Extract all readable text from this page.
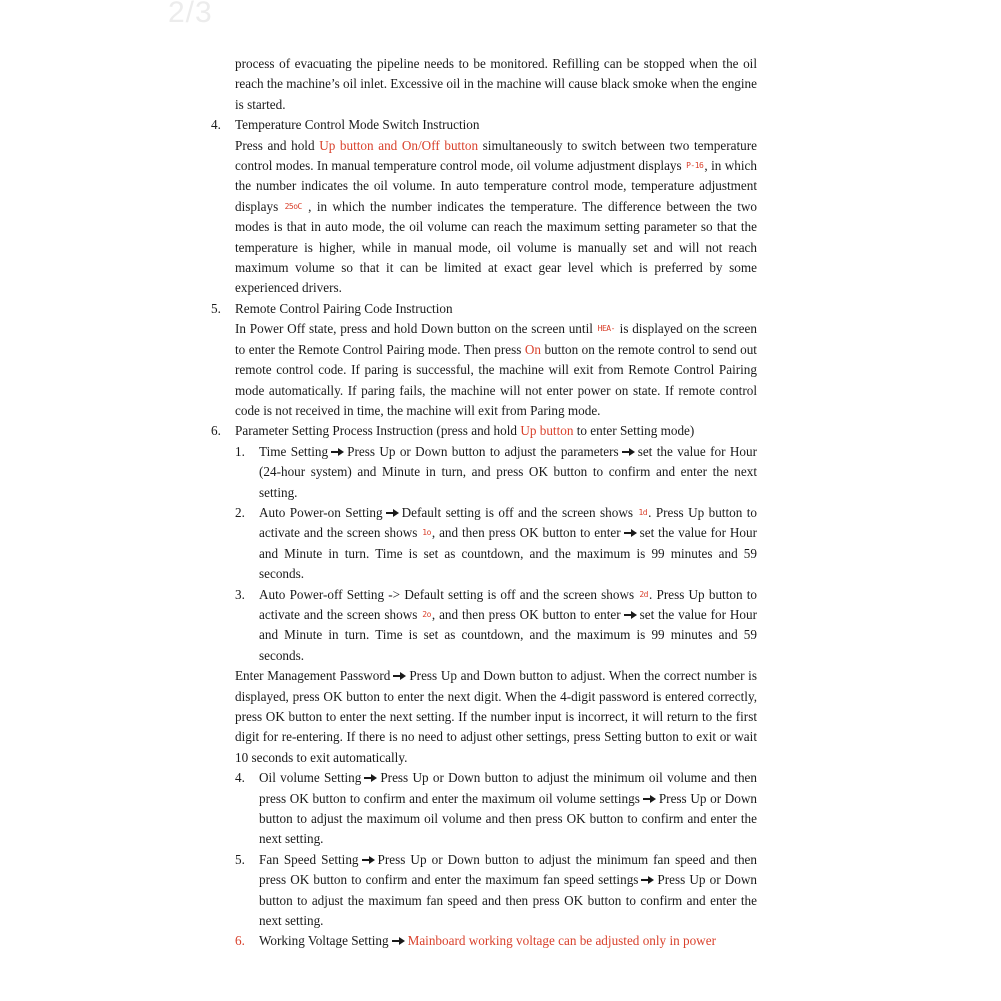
2/3

process of evacuating the pipeline needs to be monitored. Refilling can be stopped when the oil reach the machine’s oil inlet. Excessive oil in the machine will cause black smoke when the engine is started.

4. Temperature Control Mode Switch Instruction

Press and hold Up button and On/Off button simultaneously to switch between two temperature control modes. In manual temperature control mode, oil volume adjustment displays P-16, in which the number indicates the oil volume. In auto temperature control mode, temperature adjustment displays 25oC , in which the number indicates the temperature. The difference between the two modes is that in auto mode, the oil volume can reach the maximum setting parameter so that the temperature is higher, while in manual mode, oil volume is manually set and will not reach maximum volume so that it can be limited at exact gear level which is preferred by some experienced drivers.

5. Remote Control Pairing Code Instruction

In Power Off state, press and hold Down button on the screen until HEA- is displayed on the screen to enter the Remote Control Pairing mode. Then press On button on the remote control to send out remote control code. If paring is successful, the machine will exit from Remote Control Pairing mode automatically. If paring fails, the machine will not enter power on state. If remote control code is not received in time, the machine will exit from Paring mode.

6. Parameter Setting Process Instruction (press and hold Up button to enter Setting mode)

1. Time Setting Press Up or Down button to adjust the parameters set the value for Hour (24-hour system) and Minute in turn, and press OK button to confirm and enter the next setting.

2. Auto Power-on Setting Default setting is off and the screen shows 1d. Press Up button to activate and the screen shows 1o, and then press OK button to enter set the value for Hour and Minute in turn. Time is set as countdown, and the maximum is 99 minutes and 59 seconds.

3. Auto Power-off Setting -> Default setting is off and the screen shows 2d. Press Up button to activate and the screen shows 2o, and then press OK button to enter set the value for Hour and Minute in turn. Time is set as countdown, and the maximum is 99 minutes and 59 seconds.

Enter Management Password Press Up and Down button to adjust. When the correct number is displayed, press OK button to enter the next digit. When the 4-digit password is entered correctly, press OK button to enter the next setting. If the number input is incorrect, it will return to the first digit for re-entering. If there is no need to adjust other settings, press Setting button to exit or wait 10 seconds to exit automatically.

4. Oil volume Setting Press Up or Down button to adjust the minimum oil volume and then press OK button to confirm and enter the maximum oil volume settings Press Up or Down button to adjust the maximum oil volume and then press OK button to confirm and enter the next setting.

5. Fan Speed Setting Press Up or Down button to adjust the minimum fan speed and then press OK button to confirm and enter the maximum fan speed settings Press Up or Down button to adjust the maximum fan speed and then press OK button to confirm and enter the next setting.

6. Working Voltage Setting Mainboard working voltage can be adjusted only in power
